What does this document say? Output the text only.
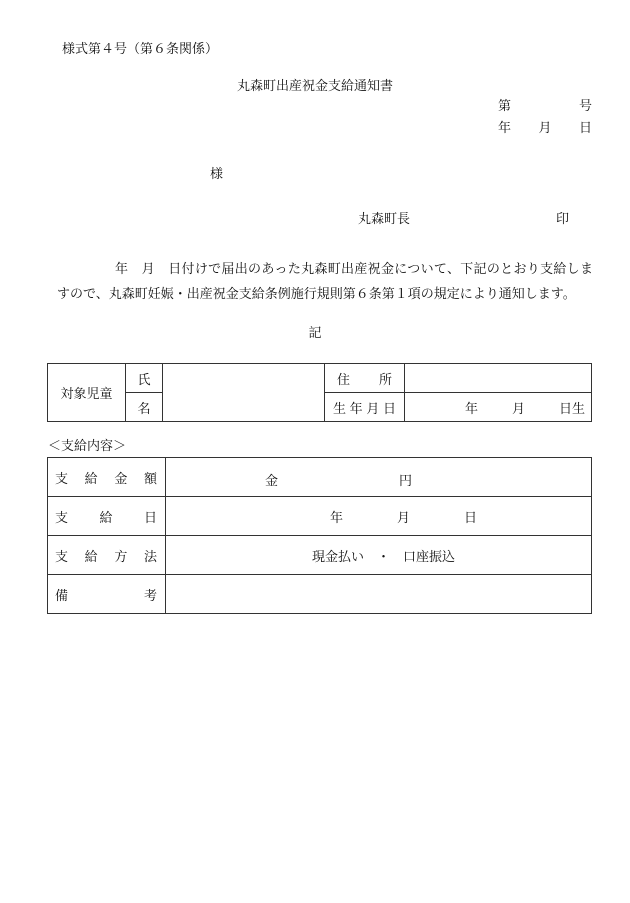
様式第４号（第６条関係）
丸森町出産祝金支給通知書
第	号
年 月 日
様
丸森町長	印
年　月　日付けで届出のあった丸森町出産祝金について、下記のとおり支給しますので、丸森町妊娠・出産祝金支給条例施行規則第６条第１項の規定により通知します。
記
対象児童	氏		住 所	

	名		生 年 月 日	年 月 日生
＜支給内容＞
支 給 金 額	金 円

支 給 日	年 月 日

支 給 方 法	現金払い　・　口座振込

備 考	
